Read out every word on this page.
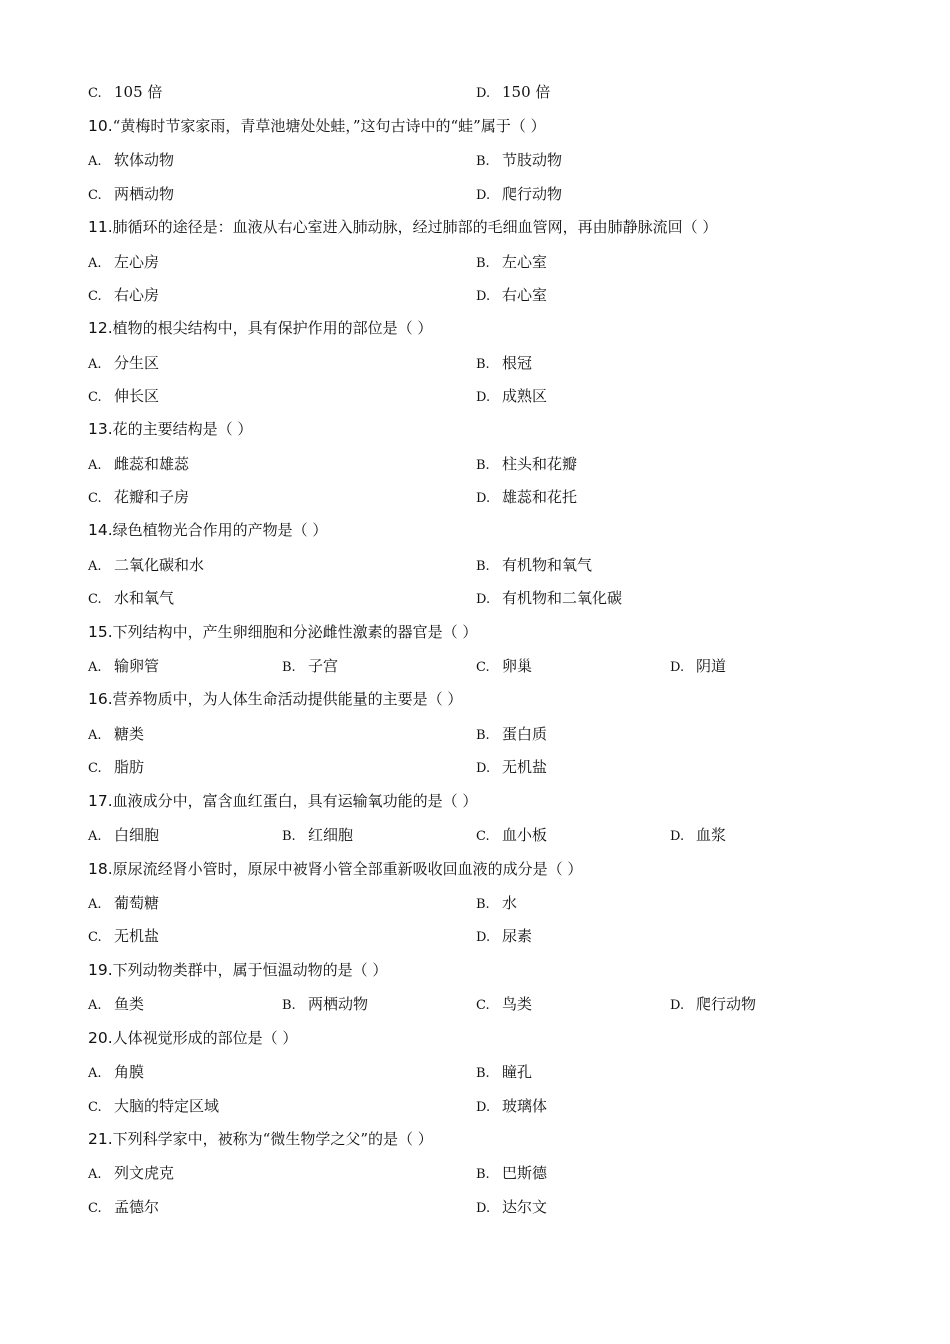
C. 105 倍	D. 150 倍
10.“黄梅时节家家雨，青草池塘处处蛙，”这句古诗中的“蛙”属于（ ）
A. 软体动物	B. 节肢动物
C. 两栖动物	D. 爬行动物
11.肺循环的途径是：血液从右心室进入肺动脉，经过肺部的毛细血管网，再由肺静脉流回（ ）
A. 左心房	B. 左心室
C. 右心房	D. 右心室
12.植物的根尖结构中，具有保护作用的部位是（ ）
A. 分生区	B. 根冠
C. 伸长区	D. 成熟区
13.花的主要结构是（ ）
A. 雌蕊和雄蕊	B. 柱头和花瓣
C. 花瓣和子房	D. 雄蕊和花托
14.绿色植物光合作用的产物是（ ）
A. 二氧化碳和水	B. 有机物和氧气
C. 水和氧气	D. 有机物和二氧化碳
15.下列结构中，产生卵细胞和分泌雌性激素的器官是（ ）
A. 输卵管	B. 子宫	C. 卵巢	D. 阴道
16.营养物质中，为人体生命活动提供能量的主要是（ ）
A. 糖类	B. 蛋白质
C. 脂肪	D. 无机盐
17.血液成分中，富含血红蛋白，具有运输氧功能的是（ ）
A. 白细胞	B. 红细胞	C. 血小板	D. 血浆
18.原尿流经肾小管时，原尿中被肾小管全部重新吸收回血液的成分是（ ）
A. 葡萄糖	B. 水
C. 无机盐	D. 尿素
19.下列动物类群中，属于恒温动物的是（ ）
A. 鱼类	B. 两栖动物	C. 鸟类	D. 爬行动物
20.人体视觉形成的部位是（ ）
A. 角膜	B. 瞳孔
C. 大脑的特定区域	D. 玻璃体
21.下列科学家中，被称为“微生物学之父”的是（ ）
A. 列文虎克	B. 巴斯德
C. 孟德尔	D. 达尔文
